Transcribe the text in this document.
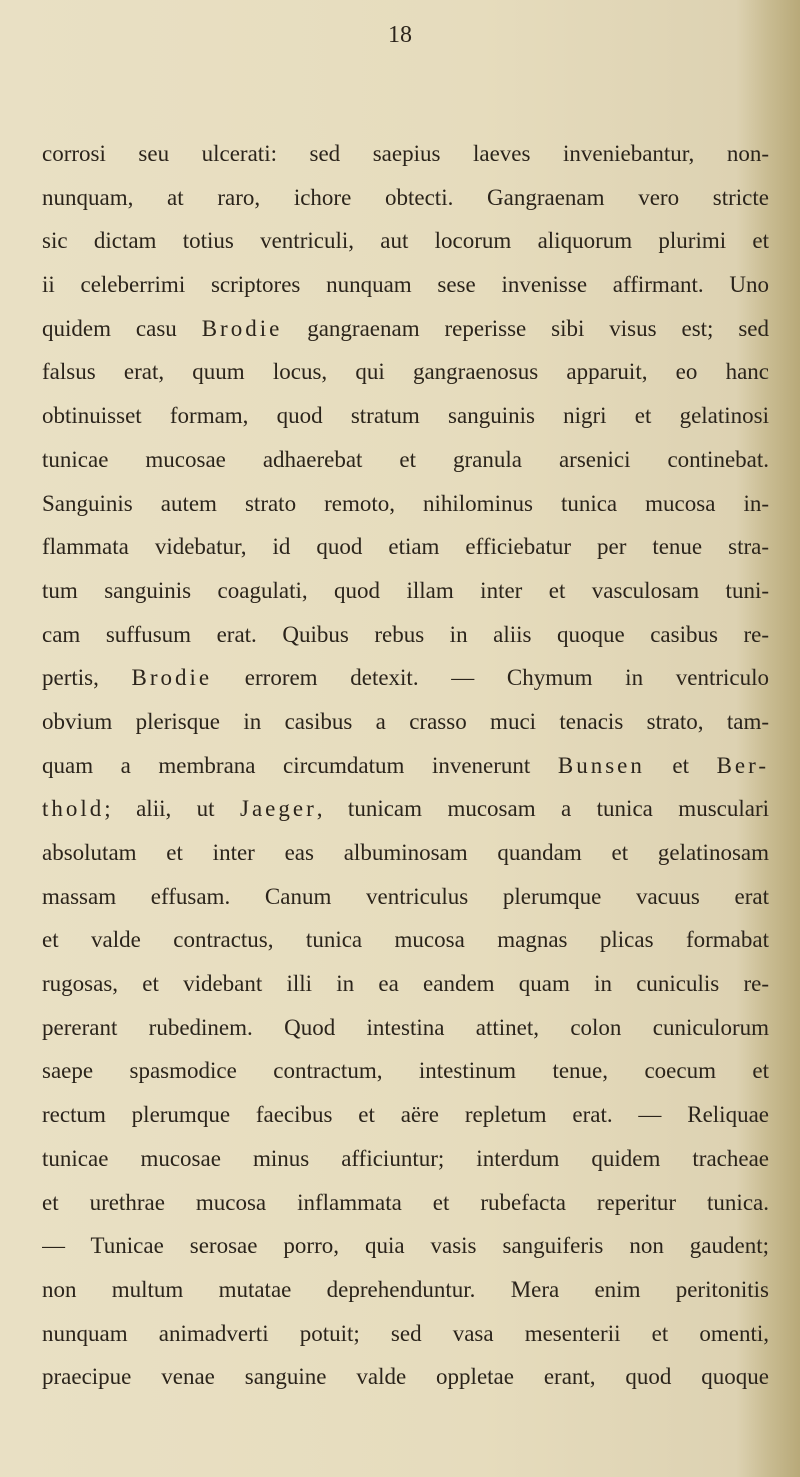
18
corrosi seu ulcerati: sed saepius laeves inveniebantur, non-
nunquam, at raro, ichore obtecti. Gangraenam vero stricte
sic dictam totius ventriculi, aut locorum aliquorum plurimi et
ii celeberrimi scriptores nunquam sese invenisse affirmant. Uno
quidem casu Brodie gangraenam reperisse sibi visus est; sed
falsus erat, quum locus, qui gangraenosus apparuit, eo hanc
obtinuisset formam, quod stratum sanguinis nigri et gelatinosi
tunicae mucosae adhaerebat et granula arsenici continebat.
Sanguinis autem strato remoto, nihilominus tunica mucosa in-
flammata videbatur, id quod etiam efficiebatur per tenue stra-
tum sanguinis coagulati, quod illam inter et vasculosam tuni-
cam suffusum erat. Quibus rebus in aliis quoque casibus re-
pertis, Brodie errorem detexit. — Chymum in ventriculo
obvium plerisque in casibus a crasso muci tenacis strato, tam-
quam a membrana circumdatum invenerunt Bunsen et Ber-
thold; alii, ut Jaeger, tunicam mucosam a tunica musculari
absolutam et inter eas albuminosam quandam et gelatinosam
massam effusam. Canum ventriculus plerumque vacuus erat
et valde contractus, tunica mucosa magnas plicas formabat
rugosas, et videbant illi in ea eandem quam in cuniculis re-
pererant rubedinem. Quod intestina attinet, colon cuniculorum
saepe spasmodice contractum, intestinum tenue, coecum et
rectum plerumque faecibus et aëre repletum erat. — Reliquae
tunicae mucosae minus afficiuntur; interdum quidem tracheae
et urethrae mucosa inflammata et rubefacta reperitur tunica.
— Tunicae serosae porro, quia vasis sanguiferis non gaudent;
non multum mutatae deprehenduntur. Mera enim peritonitis
nunquam animadverti potuit; sed vasa mesenterii et omenti,
praecipue venae sanguine valde oppletae erant, quod quoque
